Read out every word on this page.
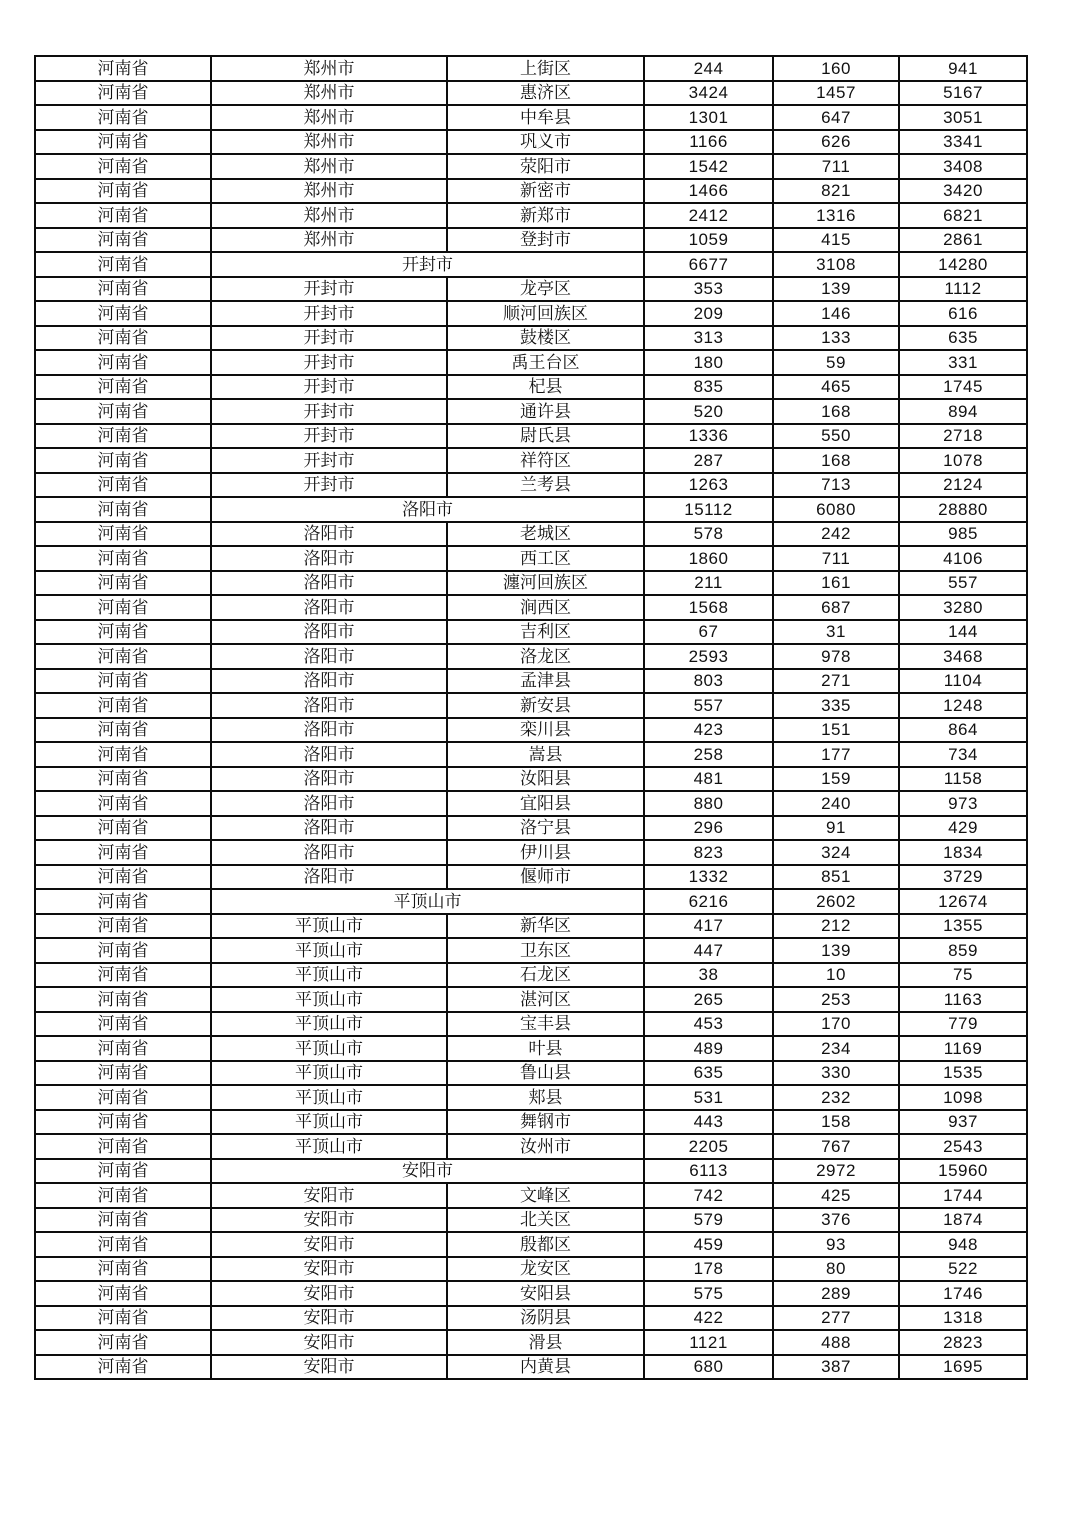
河南省	郑州市	上街区	244	160	941
河南省	郑州市	惠济区	3424	1457	5167
河南省	郑州市	中牟县	1301	647	3051
河南省	郑州市	巩义市	1166	626	3341
河南省	郑州市	荥阳市	1542	711	3408
河南省	郑州市	新密市	1466	821	3420
河南省	郑州市	新郑市	2412	1316	6821
河南省	郑州市	登封市	1059	415	2861
河南省	开封市		6677	3108	14280
河南省	开封市	龙亭区	353	139	1112
河南省	开封市	顺河回族区	209	146	616
河南省	开封市	鼓楼区	313	133	635
河南省	开封市	禹王台区	180	59	331
河南省	开封市	杞县	835	465	1745
河南省	开封市	通许县	520	168	894
河南省	开封市	尉氏县	1336	550	2718
河南省	开封市	祥符区	287	168	1078
河南省	开封市	兰考县	1263	713	2124
河南省	洛阳市		15112	6080	28880
河南省	洛阳市	老城区	578	242	985
河南省	洛阳市	西工区	1860	711	4106
河南省	洛阳市	瀍河回族区	211	161	557
河南省	洛阳市	涧西区	1568	687	3280
河南省	洛阳市	吉利区	67	31	144
河南省	洛阳市	洛龙区	2593	978	3468
河南省	洛阳市	孟津县	803	271	1104
河南省	洛阳市	新安县	557	335	1248
河南省	洛阳市	栾川县	423	151	864
河南省	洛阳市	嵩县	258	177	734
河南省	洛阳市	汝阳县	481	159	1158
河南省	洛阳市	宜阳县	880	240	973
河南省	洛阳市	洛宁县	296	91	429
河南省	洛阳市	伊川县	823	324	1834
河南省	洛阳市	偃师市	1332	851	3729
河南省	平顶山市		6216	2602	12674
河南省	平顶山市	新华区	417	212	1355
河南省	平顶山市	卫东区	447	139	859
河南省	平顶山市	石龙区	38	10	75
河南省	平顶山市	湛河区	265	253	1163
河南省	平顶山市	宝丰县	453	170	779
河南省	平顶山市	叶县	489	234	1169
河南省	平顶山市	鲁山县	635	330	1535
河南省	平顶山市	郏县	531	232	1098
河南省	平顶山市	舞钢市	443	158	937
河南省	平顶山市	汝州市	2205	767	2543
河南省	安阳市		6113	2972	15960
河南省	安阳市	文峰区	742	425	1744
河南省	安阳市	北关区	579	376	1874
河南省	安阳市	殷都区	459	93	948
河南省	安阳市	龙安区	178	80	522
河南省	安阳市	安阳县	575	289	1746
河南省	安阳市	汤阴县	422	277	1318
河南省	安阳市	滑县	1121	488	2823
河南省	安阳市	内黄县	680	387	1695
